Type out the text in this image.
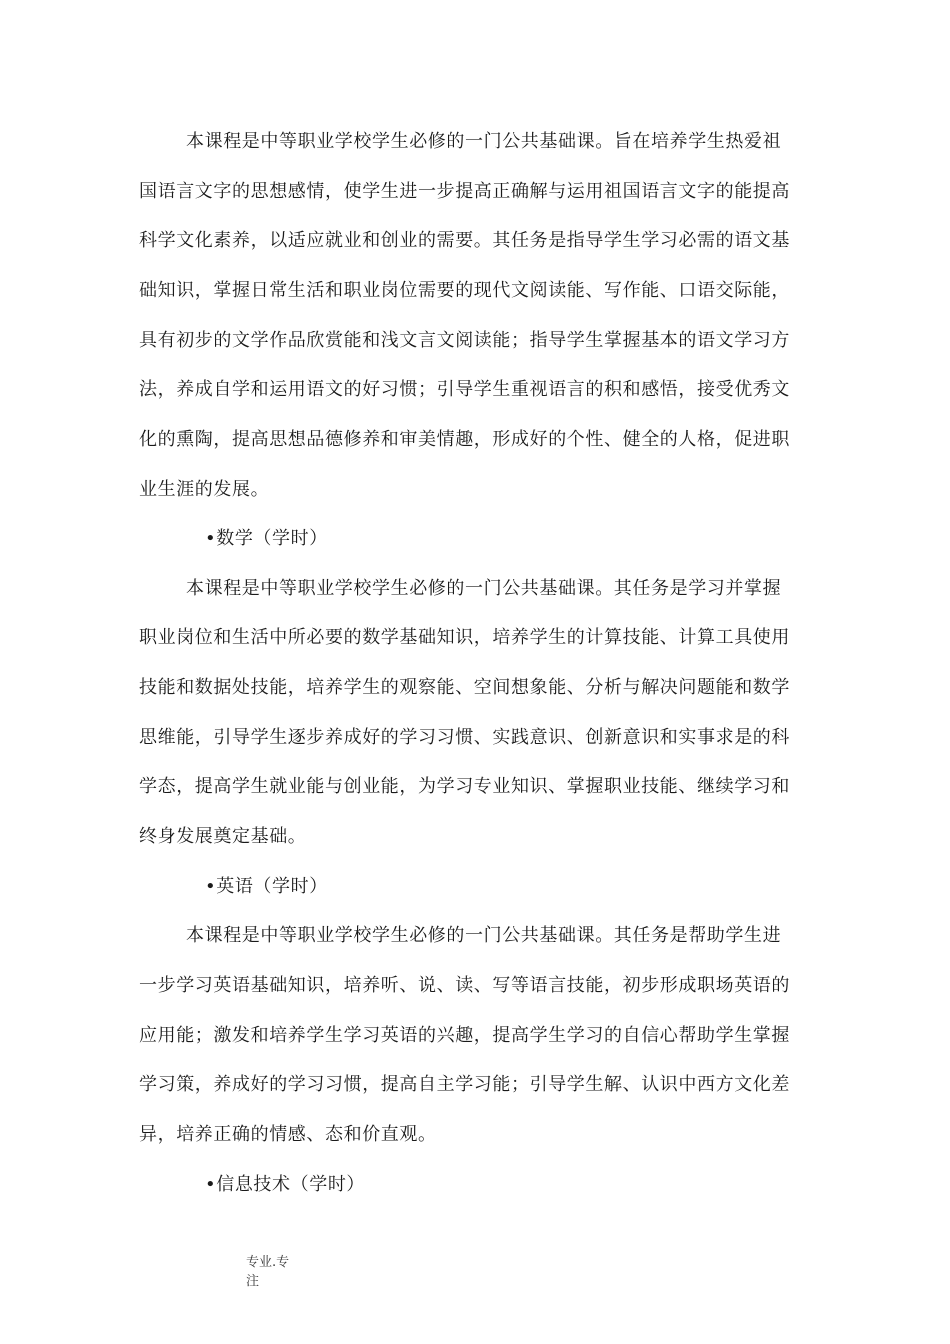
本课程是中等职业学校学生必修的一门公共基础课。旨在培养学生热爱祖
国语言文字的思想感情，使学生进一步提高正确解与运用祖国语言文字的能提高
科学文化素养，以适应就业和创业的需要。其任务是指导学生学习必需的语文基
础知识，掌握日常生活和职业岗位需要的现代文阅读能、写作能、口语交际能，
具有初步的文学作品欣赏能和浅文言文阅读能；指导学生掌握基本的语文学习方
法，养成自学和运用语文的好习惯；引导学生重视语言的积和感悟，接受优秀文
化的熏陶，提高思想品德修养和审美情趣，形成好的个性、健全的人格，促进职
业生涯的发展。
•数学（学时）
本课程是中等职业学校学生必修的一门公共基础课。其任务是学习并掌握
职业岗位和生活中所必要的数学基础知识，培养学生的计算技能、计算工具使用
技能和数据处技能，培养学生的观察能、空间想象能、分析与解决问题能和数学
思维能，引导学生逐步养成好的学习习惯、实践意识、创新意识和实事求是的科
学态，提高学生就业能与创业能，为学习专业知识、掌握职业技能、继续学习和
终身发展奠定基础。
•英语（学时）
本课程是中等职业学校学生必修的一门公共基础课。其任务是帮助学生进
一步学习英语基础知识，培养听、说、读、写等语言技能，初步形成职场英语的
应用能；激发和培养学生学习英语的兴趣，提高学生学习的自信心帮助学生掌握
学习策，养成好的学习习惯，提高自主学习能；引导学生解、认识中西方文化差
异，培养正确的情感、态和价直观。
•信息技术（学时）
专业.专
注
